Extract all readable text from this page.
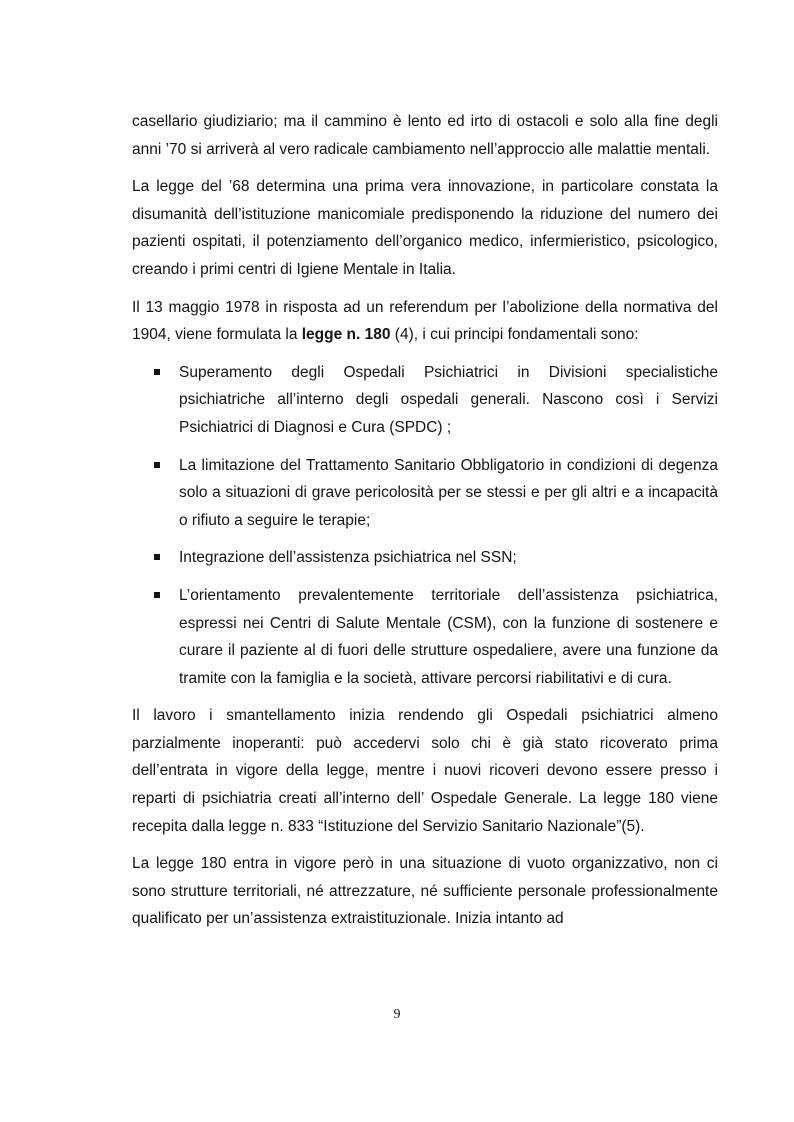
casellario giudiziario; ma il cammino è lento ed irto di ostacoli e solo alla fine degli anni ’70 si arriverà al vero radicale cambiamento nell’approccio alle malattie mentali.

La legge del ’68 determina una prima vera innovazione, in particolare constata la disumanità dell’istituzione manicomiale predisponendo la riduzione del numero dei pazienti ospitati, il potenziamento dell’organico medico, infermieristico, psicologico, creando i primi centri di Igiene Mentale in Italia.

Il 13 maggio 1978 in risposta ad un referendum per l’abolizione della normativa del 1904, viene formulata la legge n. 180 (4), i cui principi fondamentali sono:

Superamento degli Ospedali Psichiatrici in Divisioni specialistiche psichiatriche all’interno degli ospedali generali. Nascono così i Servizi Psichiatrici di Diagnosi e Cura (SPDC) ;
La limitazione del Trattamento Sanitario Obbligatorio in condizioni di degenza solo a situazioni di grave pericolosità per se stessi e per gli altri e a incapacità o rifiuto a seguire le terapie;
Integrazione dell’assistenza psichiatrica nel SSN;
L’orientamento prevalentemente territoriale dell’assistenza psichiatrica, espressi nei Centri di Salute Mentale (CSM), con la funzione di sostenere e curare il paziente al di fuori delle strutture ospedaliere, avere una funzione da tramite con la famiglia e la società, attivare percorsi riabilitativi e di cura.

Il lavoro i smantellamento inizia rendendo gli Ospedali psichiatrici almeno parzialmente inoperanti: può accedervi solo chi è già stato ricoverato prima dell’entrata in vigore della legge, mentre i nuovi ricoveri devono essere presso i reparti di psichiatria creati all’interno dell’ Ospedale Generale. La legge 180 viene recepita dalla legge n. 833 “Istituzione del Servizio Sanitario Nazionale”(5).

La legge 180 entra in vigore però in una situazione di vuoto organizzativo, non ci sono strutture territoriali, né attrezzature, né sufficiente personale professionalmente qualificato per un’assistenza extraistituzionale. Inizia intanto ad

9
